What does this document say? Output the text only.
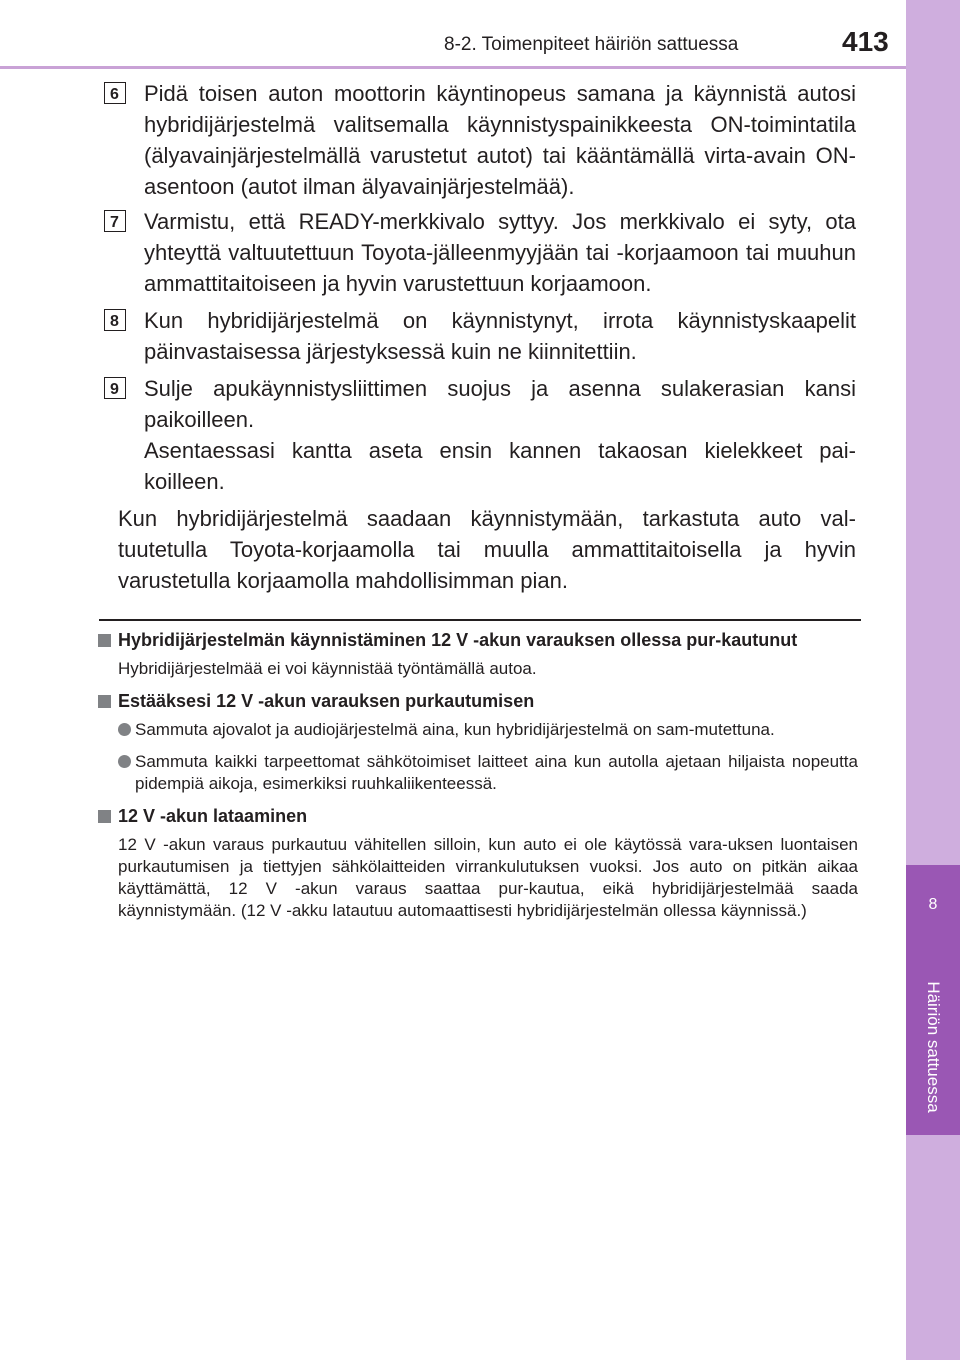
8-2. Toimenpiteet häiriön sattuessa	413
8
Häiriön sattuessa
6	Pidä toisen auton moottorin käyntinopeus samana ja käynnistä autosi hybridijärjestelmä valitsemalla käynnistyspainikkeesta ON-toimintatila (älyavainjärjestelmällä varustetut autot) tai kääntämällä virta-avain ON-asentoon (autot ilman älyavainjärjestelmää).

7	Varmistu, että READY-merkkivalo syttyy. Jos merkkivalo ei syty, ota yhteyttä valtuutettuun Toyota-jälleenmyyjään tai -korjaamoon tai muuhun ammattitaitoiseen ja hyvin varustettuun korjaamoon.

8	Kun hybridijärjestelmä on käynnistynyt, irrota käynnistyskaapelit päinvastaisessa järjestyksessä kuin ne kiinnitettiin.

9	Sulje apukäynnistysliittimen suojus ja asenna sulakerasian kansi paikoilleen.

Asentaessasi kantta aseta ensin kannen takaosan kielekkeet pai-koilleen.

Kun hybridijärjestelmä saadaan käynnistymään, tarkastuta auto val-tuutetulla Toyota-korjaamolla tai muulla ammattitaitoisella ja hyvin varustetulla korjaamolla mahdollisimman pian.

Hybridijärjestelmän käynnistäminen 12 V -akun varauksen ollessa pur-kautunut

Hybridijärjestelmää ei voi käynnistää työntämällä autoa.

Estääksesi 12 V -akun varauksen purkautumisen

Sammuta ajovalot ja audiojärjestelmä aina, kun hybridijärjestelmä on sam-mutettuna.
Sammuta kaikki tarpeettomat sähkötoimiset laitteet aina kun autolla ajetaan hiljaista nopeutta pidempiä aikoja, esimerkiksi ruuhkaliikenteessä.

12 V -akun lataaminen

12 V -akun varaus purkautuu vähitellen silloin, kun auto ei ole käytössä vara-uksen luontaisen purkautumisen ja tiettyjen sähkölaitteiden virrankulutuksen vuoksi. Jos auto on pitkän aikaa käyttämättä, 12 V -akun varaus saattaa pur-kautua, eikä hybridijärjestelmää saada käynnistymään. (12 V -akku latautuu automaattisesti hybridijärjestelmän ollessa käynnissä.)
